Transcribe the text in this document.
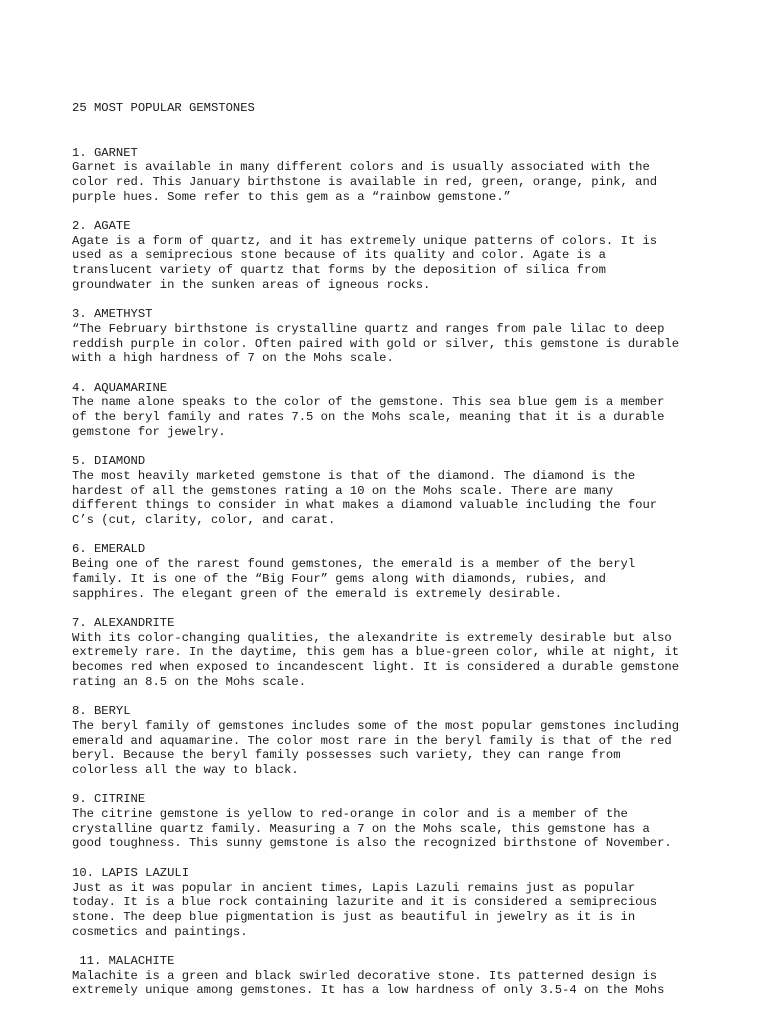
25 MOST POPULAR GEMSTONES

1. GARNET

Garnet is available in many different colors and is usually associated with the

color red. This January birthstone is available in red, green, orange, pink, and

purple hues. Some refer to this gem as a “rainbow gemstone.”

2. AGATE

Agate is a form of quartz, and it has extremely unique patterns of colors. It is

used as a semiprecious stone because of its quality and color. Agate is a

translucent variety of quartz that forms by the deposition of silica from

groundwater in the sunken areas of igneous rocks.

3. AMETHYST

“The February birthstone is crystalline quartz and ranges from pale lilac to deep

reddish purple in color. Often paired with gold or silver, this gemstone is durable

with a high hardness of 7 on the Mohs scale.

4. AQUAMARINE

The name alone speaks to the color of the gemstone. This sea blue gem is a member

of the beryl family and rates 7.5 on the Mohs scale, meaning that it is a durable

gemstone for jewelry.

5. DIAMOND

The most heavily marketed gemstone is that of the diamond. The diamond is the

hardest of all the gemstones rating a 10 on the Mohs scale. There are many

different things to consider in what makes a diamond valuable including the four

C’s (cut, clarity, color, and carat.

6. EMERALD

Being one of the rarest found gemstones, the emerald is a member of the beryl

family. It is one of the “Big Four” gems along with diamonds, rubies, and

sapphires. The elegant green of the emerald is extremely desirable.

7. ALEXANDRITE

With its color-changing qualities, the alexandrite is extremely desirable but also

extremely rare. In the daytime, this gem has a blue-green color, while at night, it

becomes red when exposed to incandescent light. It is considered a durable gemstone

rating an 8.5 on the Mohs scale.

8. BERYL

The beryl family of gemstones includes some of the most popular gemstones including

emerald and aquamarine. The color most rare in the beryl family is that of the red

beryl. Because the beryl family possesses such variety, they can range from

colorless all the way to black.

9. CITRINE

The citrine gemstone is yellow to red-orange in color and is a member of the

crystalline quartz family. Measuring a 7 on the Mohs scale, this gemstone has a

good toughness. This sunny gemstone is also the recognized birthstone of November.

10. LAPIS LAZULI

Just as it was popular in ancient times, Lapis Lazuli remains just as popular

today. It is a blue rock containing lazurite and it is considered a semiprecious

stone. The deep blue pigmentation is just as beautiful in jewelry as it is in

cosmetics and paintings.

11. MALACHITE

Malachite is a green and black swirled decorative stone. Its patterned design is

extremely unique among gemstones. It has a low hardness of only 3.5-4 on the Mohs
